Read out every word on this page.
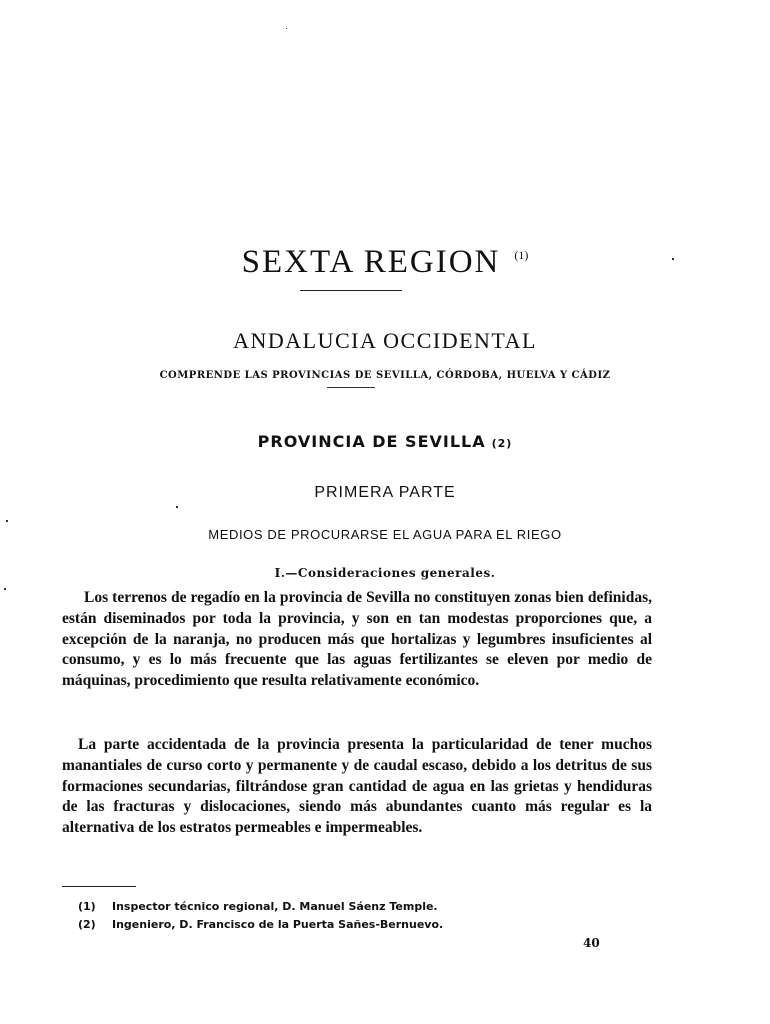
SEXTA REGION $^{(1)}$
ANDALUCIA OCCIDENTAL
COMPRENDE LAS PROVINCIAS DE SEVILLA, CÓRDOBA, HUELVA Y CÁDIZ
PROVINCIA DE SEVILLA (2)
PRIMERA PARTE
MEDIOS DE PROCURARSE EL AGUA PARA EL RIEGO
I.—Consideraciones generales.

Los terrenos de regadío en la provincia de Sevilla no constituyen zonas bien definidas, están diseminados por toda la provincia, y son en tan modestas proporciones que, a excepción de la naranja, no producen más que hortalizas y legumbres insuficientes al consumo, y es lo más frecuente que las aguas fertilizantes se eleven por medio de máquinas, procedimiento que resulta relativamente económico.

La parte accidentada de la provincia presenta la particularidad de tener muchos manantiales de curso corto y permanente y de caudal escaso, debido a los detritus de sus formaciones secundarias, filtrándose gran cantidad de agua en las grietas y hendiduras de las fracturas y dislocaciones, siendo más abundantes cuanto más regular es la alternativa de los estratos permeables e impermeables.

(1) Inspector técnico regional, D. Manuel Sáenz Temple.
(2) Ingeniero, D. Francisco de la Puerta Sañes-Bernuevo.
40
